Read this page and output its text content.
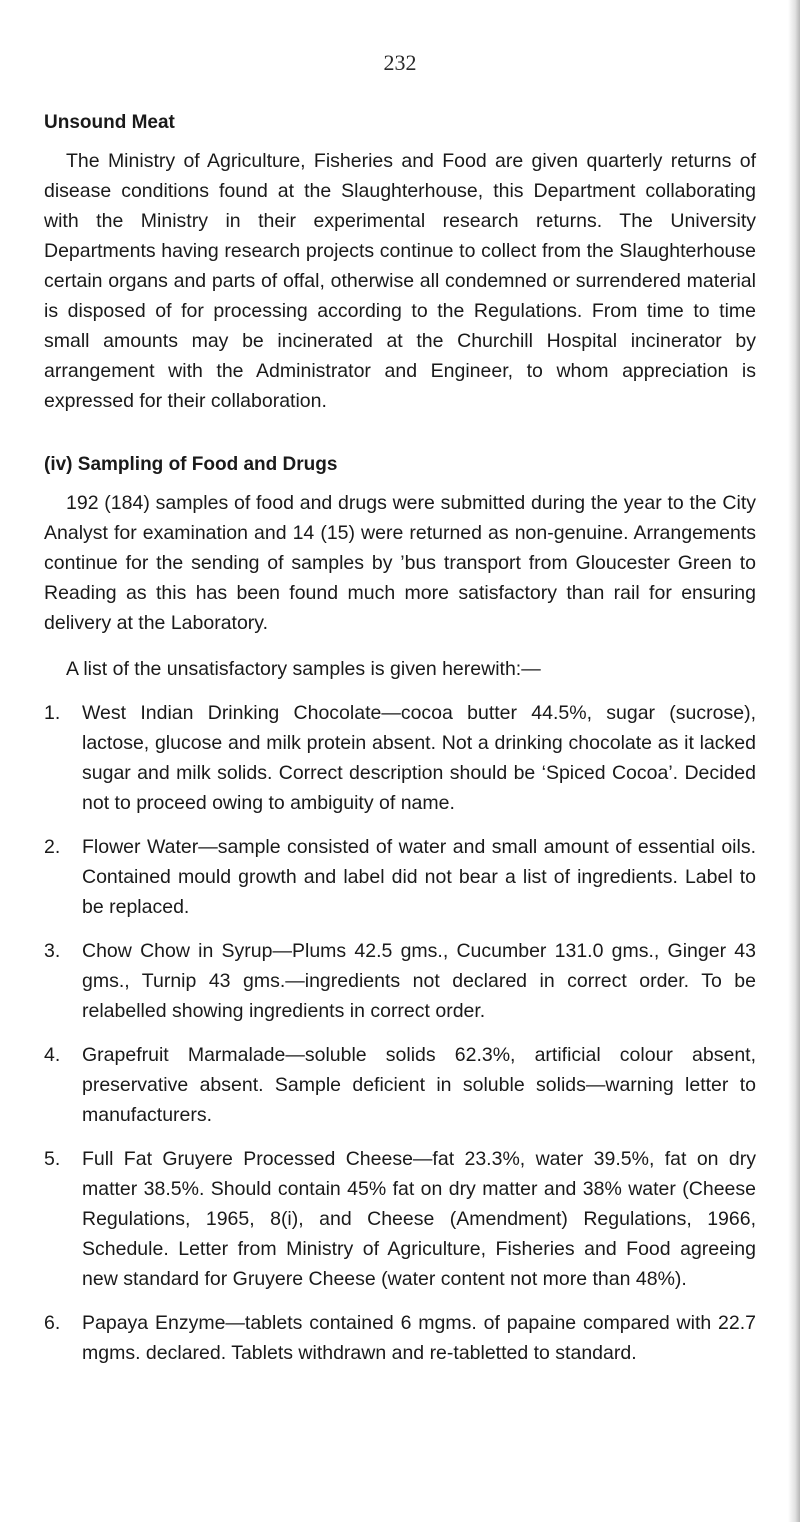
232
Unsound Meat

The Ministry of Agriculture, Fisheries and Food are given quarterly returns of disease conditions found at the Slaughterhouse, this Department collaborating with the Ministry in their experimental research returns. The University Departments having research projects continue to collect from the Slaughterhouse certain organs and parts of offal, otherwise all condemned or surrendered material is disposed of for processing according to the Regulations. From time to time small amounts may be incinerated at the Churchill Hospital incinerator by arrangement with the Administrator and Engineer, to whom appreciation is expressed for their collaboration.

(iv) Sampling of Food and Drugs

192 (184) samples of food and drugs were submitted during the year to the City Analyst for examination and 14 (15) were returned as non-genuine. Arrangements continue for the sending of samples by ’bus transport from Gloucester Green to Reading as this has been found much more satisfactory than rail for ensuring delivery at the Laboratory.

A list of the unsatisfactory samples is given herewith:—

1.	West Indian Drinking Chocolate—cocoa butter 44.5%, sugar (sucrose), lactose, glucose and milk protein absent. Not a drinking chocolate as it lacked sugar and milk solids. Correct description should be ‘Spiced Cocoa’. Decided not to proceed owing to ambiguity of name.
2.	Flower Water—sample consisted of water and small amount of essential oils. Contained mould growth and label did not bear a list of ingredients. Label to be replaced.
3.	Chow Chow in Syrup—Plums 42.5 gms., Cucumber 131.0 gms., Ginger 43 gms., Turnip 43 gms.—ingredients not declared in correct order. To be relabelled showing ingredients in correct order.
4.	Grapefruit Marmalade—soluble solids 62.3%, artificial colour absent, preservative absent. Sample deficient in soluble solids—warning letter to manufacturers.
5.	Full Fat Gruyere Processed Cheese—fat 23.3%, water 39.5%, fat on dry matter 38.5%. Should contain 45% fat on dry matter and 38% water (Cheese Regulations, 1965, 8(i), and Cheese (Amendment) Regulations, 1966, Schedule. Letter from Ministry of Agriculture, Fisheries and Food agreeing new standard for Gruyere Cheese (water content not more than 48%).
6.	Papaya Enzyme—tablets contained 6 mgms. of papaine compared with 22.7 mgms. declared. Tablets withdrawn and re-tabletted to standard.
